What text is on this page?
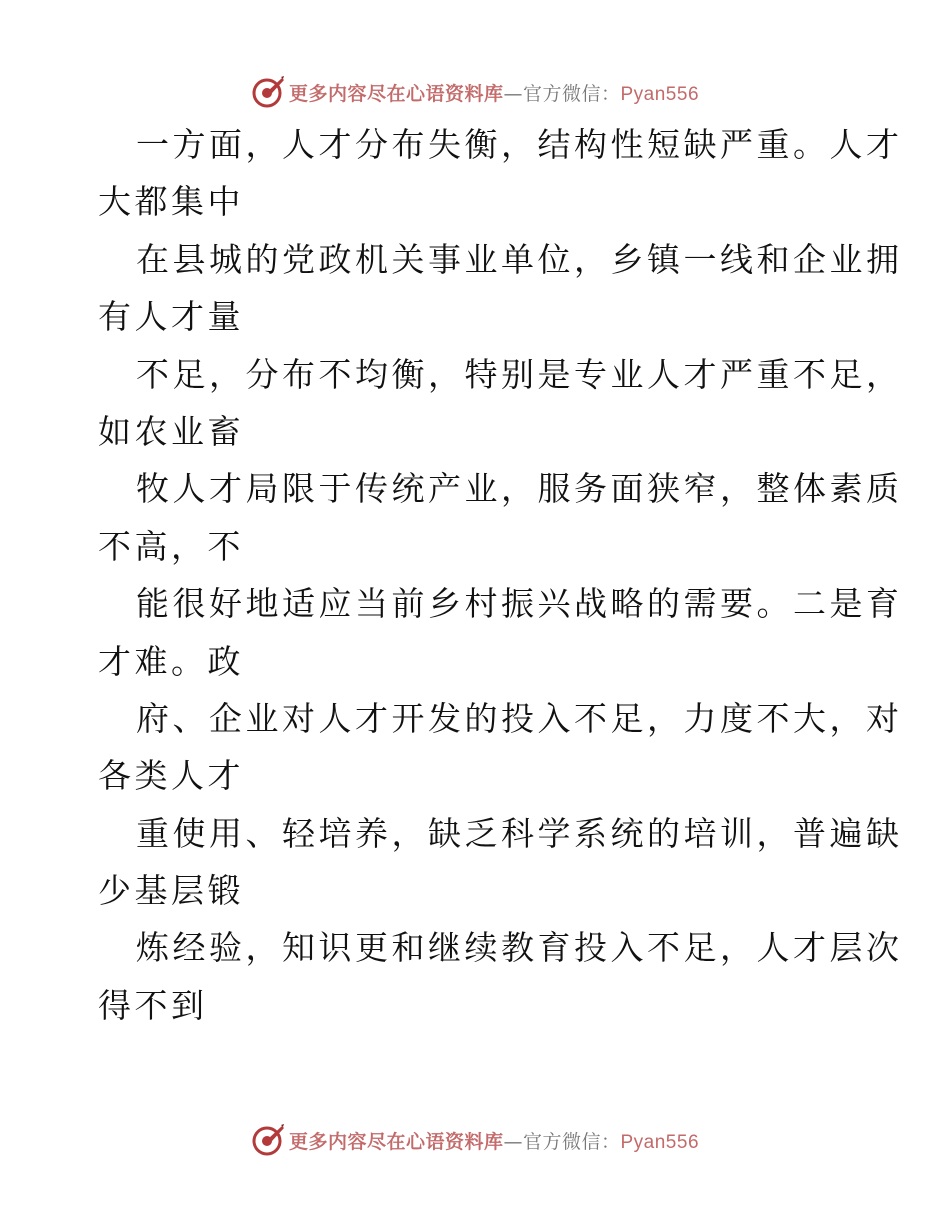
更多内容尽在心语资料库—官方微信：Pyan556
一方面，人才分布失衡，结构性短缺严重。人才
大都集中
在县城的党政机关事业单位，乡镇一线和企业拥
有人才量
不足，分布不均衡，特别是专业人才严重不足，
如农业畜
牧人才局限于传统产业，服务面狭窄，整体素质
不高，不
能很好地适应当前乡村振兴战略的需要。二是育
才难。政
府、企业对人才开发的投入不足，力度不大，对
各类人才
重使用、轻培养，缺乏科学系统的培训，普遍缺
少基层锻
炼经验，知识更和继续教育投入不足，人才层次
得不到
更多内容尽在心语资料库—官方微信：Pyan556
